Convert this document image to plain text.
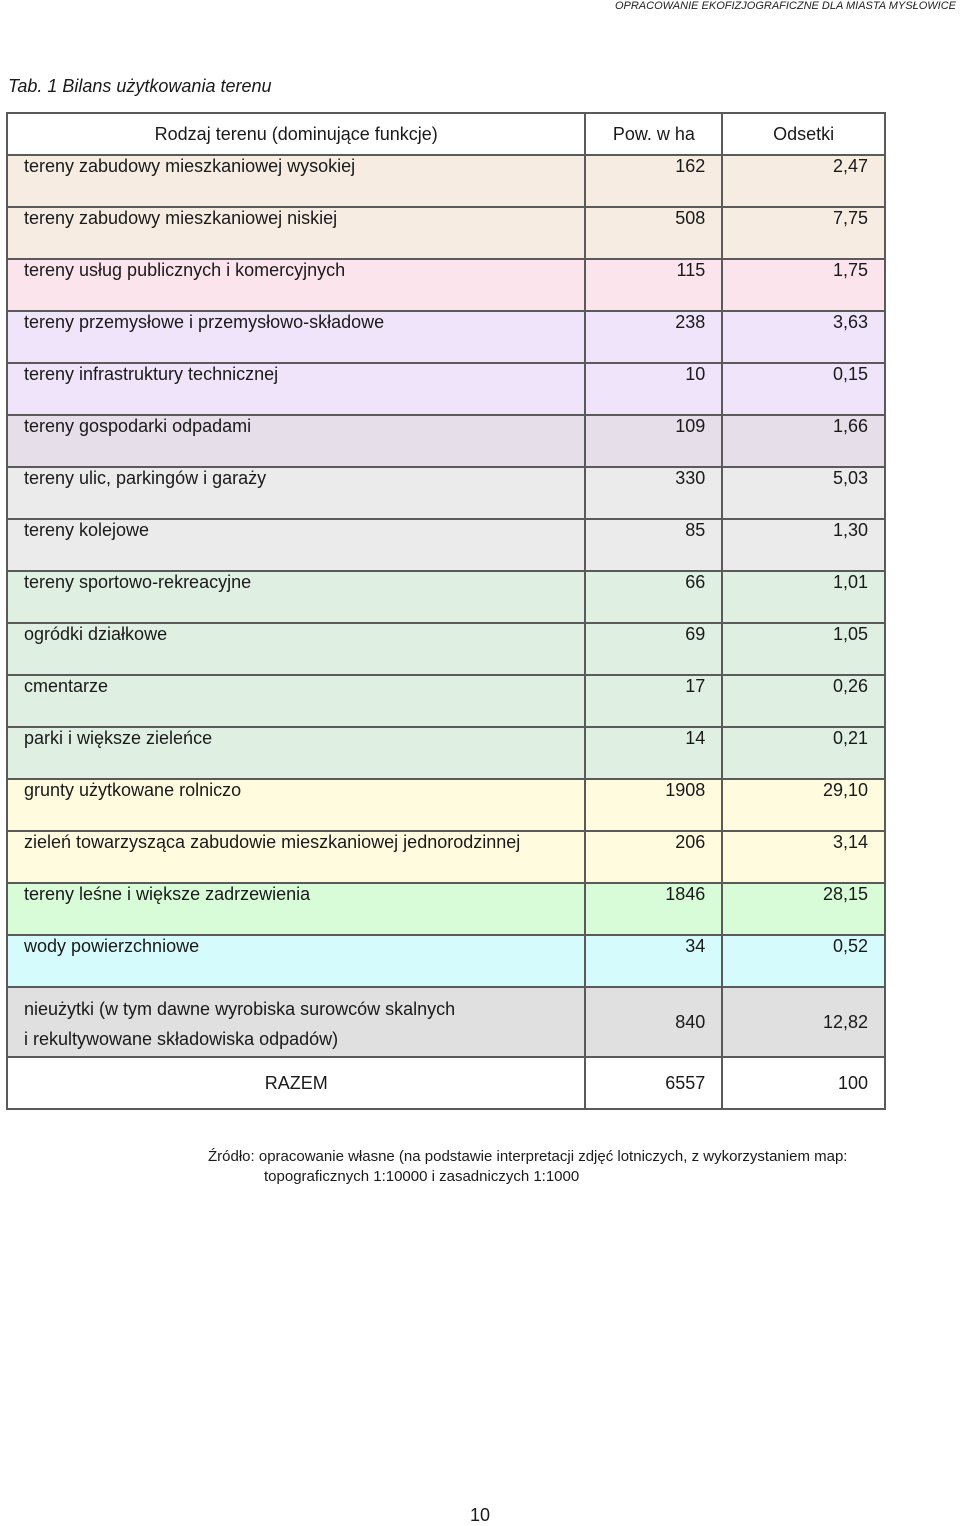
OPRACOWANIE EKOFIZJOGRAFICZNE DLA MIASTA MYSŁOWICE
Tab. 1 Bilans użytkowania terenu
Rodzaj terenu (dominujące funkcje)	Pow. w ha	Odsetki
tereny zabudowy mieszkaniowej wysokiej	162	2,47
tereny zabudowy mieszkaniowej niskiej	508	7,75
tereny usług publicznych i komercyjnych	115	1,75
tereny przemysłowe i przemysłowo-składowe	238	3,63
tereny infrastruktury technicznej	10	0,15
tereny gospodarki odpadami	109	1,66
tereny ulic, parkingów i garaży	330	5,03
tereny kolejowe	85	1,30
tereny sportowo-rekreacyjne	66	1,01
ogródki działkowe	69	1,05
cmentarze	17	0,26
parki i większe zieleńce	14	0,21
grunty użytkowane rolniczo	1908	29,10
zieleń towarzysząca zabudowie mieszkaniowej jednorodzinnej	206	3,14
tereny leśne i większe zadrzewienia	1846	28,15
wody powierzchniowe	34	0,52

nieużytki (w tym dawne wyrobiska surowców skalnych
i rekultywowane składowiska odpadów)	840	12,82
RAZEM	6557	100
Źródło: opracowanie własne (na podstawie interpretacji zdjęć lotniczych, z wykorzystaniem map:
topograficznych 1:10000 i zasadniczych 1:1000
10
